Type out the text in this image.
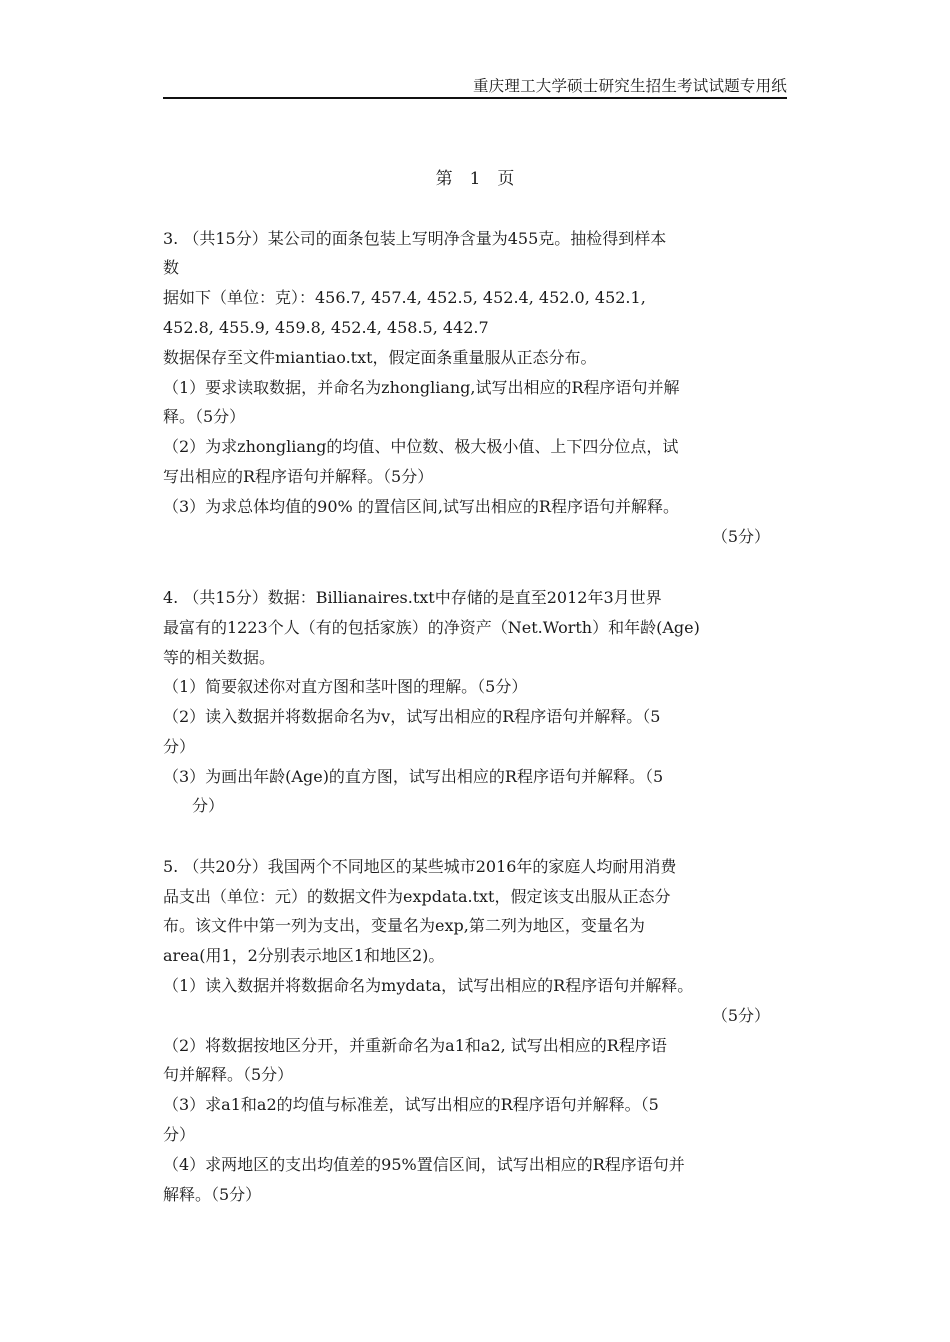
重庆理工大学硕士研究生招生考试试题专用纸
第　1　页
3. （共15分）某公司的面条包装上写明净含量为455克。抽检得到样本
数
据如下（单位：克）：456.7, 457.4, 452.5, 452.4, 452.0, 452.1,
452.8, 455.9, 459.8, 452.4, 458.5, 442.7
数据保存至文件miantiao.txt，假定面条重量服从正态分布。
（1）要求读取数据，并命名为zhongliang,试写出相应的R程序语句并解
释。（5分）
（2）为求zhongliang的均值、中位数、极大极小值、上下四分位点，试
写出相应的R程序语句并解释。（5分）
（3）为求总体均值的90% 的置信区间,试写出相应的R程序语句并解释。
（5分）
4. （共15分）数据：Billianaires.txt中存储的是直至2012年3月世界
最富有的1223个人（有的包括家族）的净资产（Net.Worth）和年龄(Age)
等的相关数据。
（1）简要叙述你对直方图和茎叶图的理解。（5分）
（2）读入数据并将数据命名为v，试写出相应的R程序语句并解释。（5
分）
（3）为画出年龄(Age)的直方图，试写出相应的R程序语句并解释。（5
分）
5. （共20分）我国两个不同地区的某些城市2016年的家庭人均耐用消费
品支出（单位：元）的数据文件为expdata.txt，假定该支出服从正态分
布。该文件中第一列为支出，变量名为exp,第二列为地区，变量名为
area(用1，2分别表示地区1和地区2)。
（1）读入数据并将数据命名为mydata，试写出相应的R程序语句并解释。
（5分）
（2）将数据按地区分开，并重新命名为a1和a2, 试写出相应的R程序语
句并解释。（5分）
（3）求a1和a2的均值与标准差，试写出相应的R程序语句并解释。（5
分）
（4）求两地区的支出均值差的95%置信区间，试写出相应的R程序语句并
解释。（5分）
